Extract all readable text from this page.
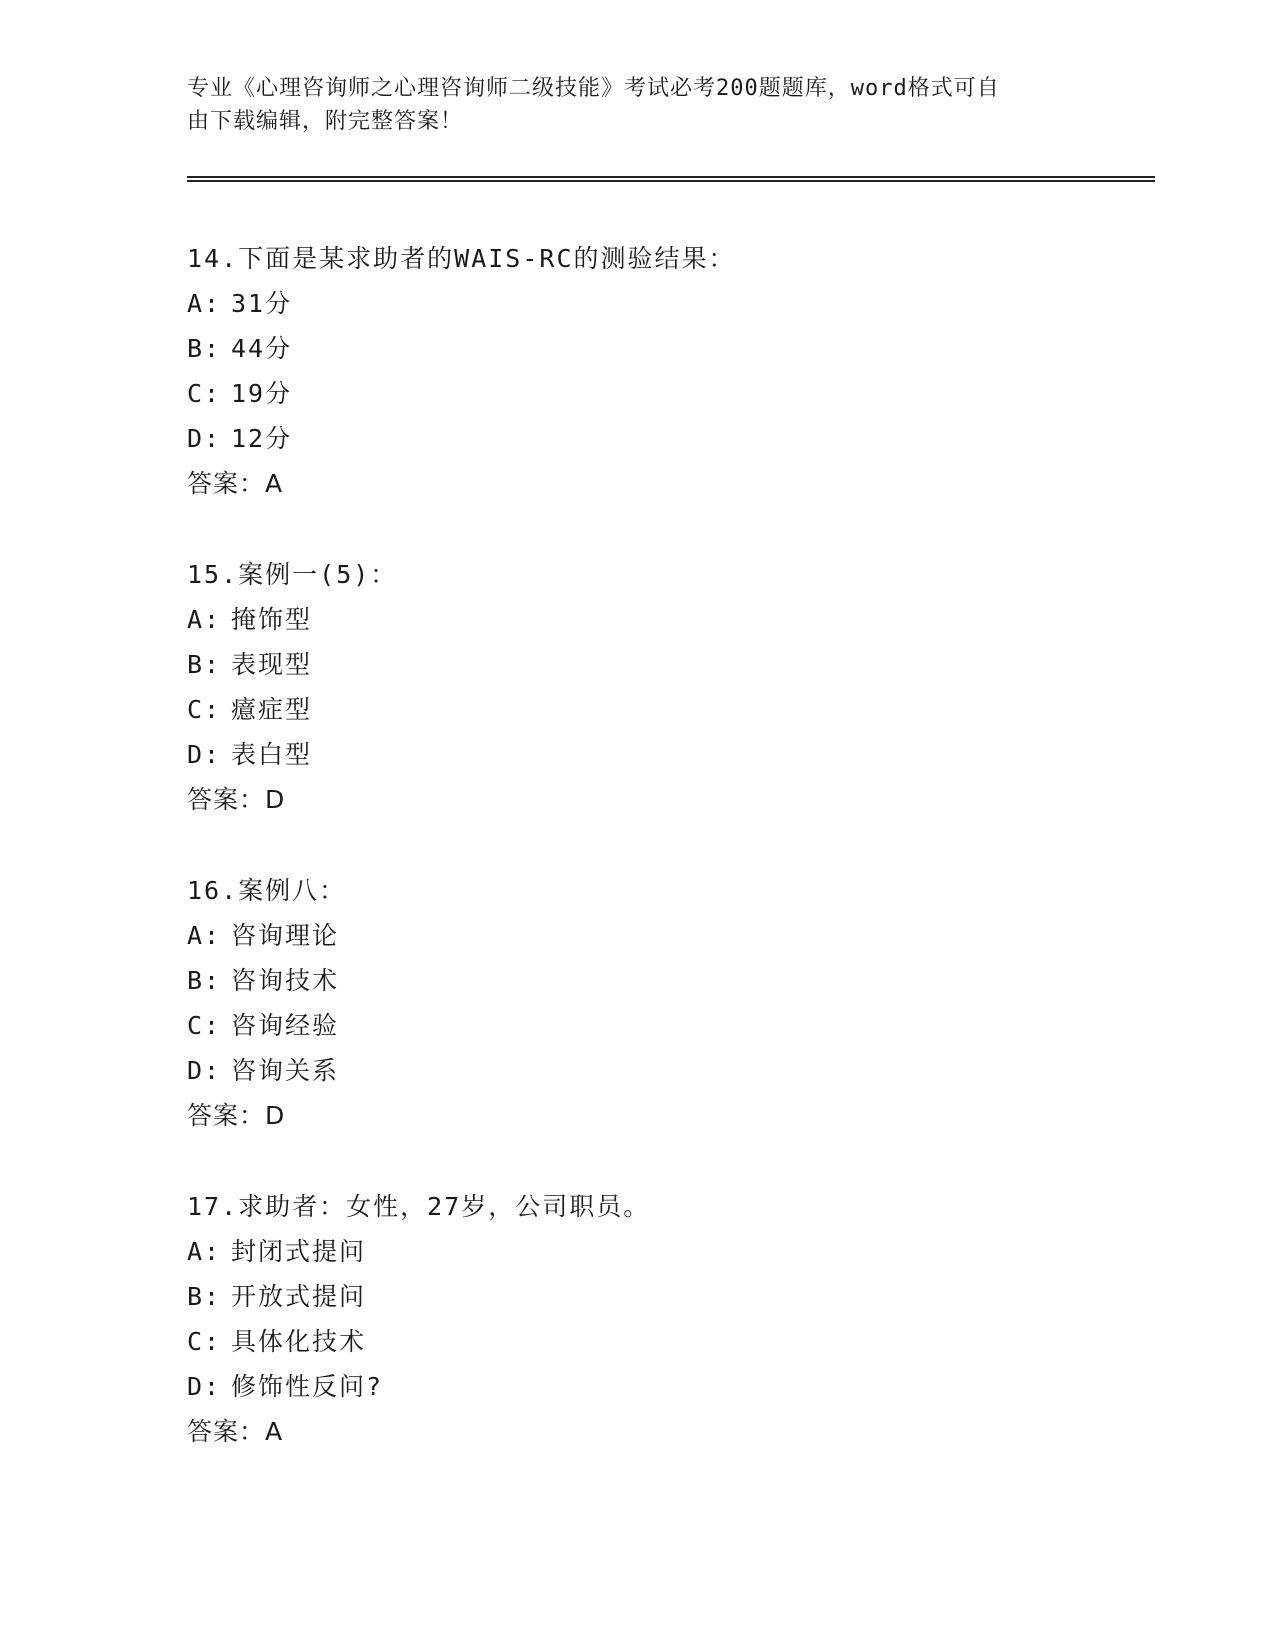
专业《心理咨询师之心理咨询师二级技能》考试必考200题题库，word格式可自
由下载编辑，附完整答案！
14.下面是某求助者的WAIS-RC的测验结果：
A: 31分
B: 44分
C: 19分
D: 12分
答案：A
15.案例一(5)：
A: 掩饰型
B: 表现型
C: 癔症型
D: 表白型
答案：D
16.案例八：
A: 咨询理论
B: 咨询技术
C: 咨询经验
D: 咨询关系
答案：D
17.求助者：女性，27岁，公司职员。
A: 封闭式提问
B: 开放式提问
C: 具体化技术
D: 修饰性反问?
答案：A
